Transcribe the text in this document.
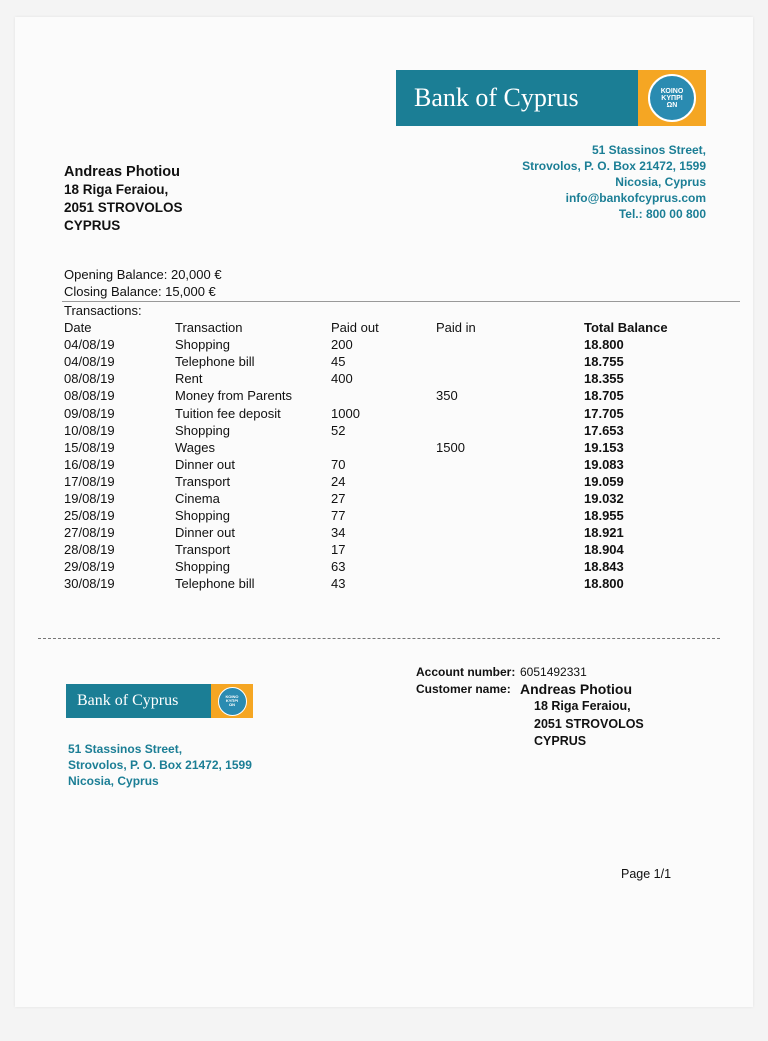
Bank of Cyprus	ΚΟΙΝΟ
ΚΥΠΡΙ
ΩΝ
51 Stassinos Street,
Strovolos, P. O. Box 21472, 1599
Nicosia, Cyprus
info@bankofcyprus.com
Tel.: 800 00 800
Andreas Photiou
18 Riga Feraiou,
2051 STROVOLOS
CYPRUS
Opening Balance: 20,000 €
Closing Balance: 15,000 €
Transactions:
Date	Transaction	Paid out	Paid in	Total Balance
04/08/19	Shopping	200		18.800
04/08/19	Telephone bill	45		18.755
08/08/19	Rent	400		18.355
08/08/19	Money from Parents		350	18.705
09/08/19	Tuition fee deposit	1000		17.705
10/08/19	Shopping	52		17.653
15/08/19	Wages		1500	19.153
16/08/19	Dinner out	70		19.083
17/08/19	Transport	24		19.059
19/08/19	Cinema	27		19.032
25/08/19	Shopping	77		18.955
27/08/19	Dinner out	34		18.921
28/08/19	Transport	17		18.904
29/08/19	Shopping	63		18.843
30/08/19	Telephone bill	43		18.800
Bank of Cyprus	ΚΟΙΝΟ
ΚΥΠΡΙ
ΩΝ
51 Stassinos Street,
Strovolos, P. O. Box 21472, 1599
Nicosia, Cyprus
Account number: 6051492331
Customer name: Andreas Photiou
18 Riga Feraiou,
2051 STROVOLOS
CYPRUS
Page 1/1
